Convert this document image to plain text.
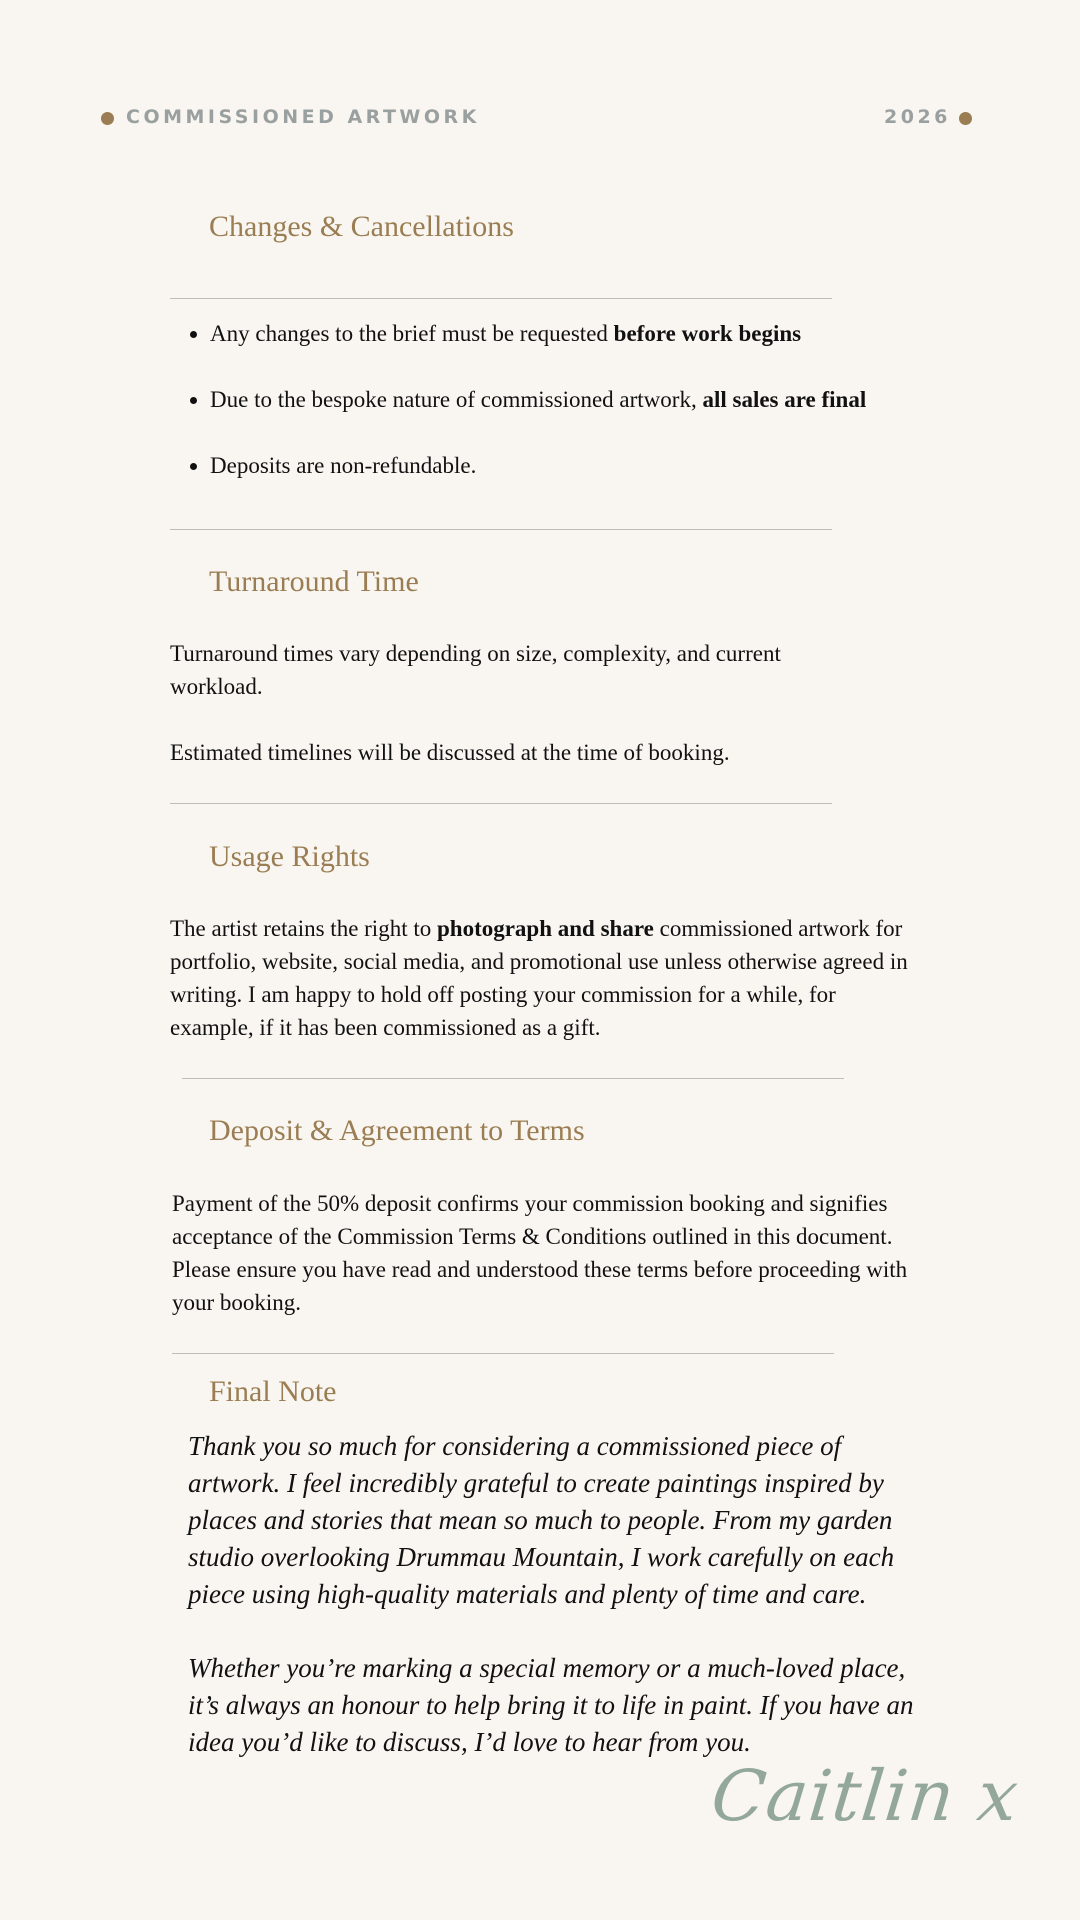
COMMISSIONED ARTWORK	2026
Changes & Cancellations
• Any changes to the brief must be requested before work begins
• Due to the bespoke nature of commissioned artwork, all sales are final
• Deposits are non-refundable.
Turnaround Time

Turnaround times vary depending on size, complexity, and current workload.

Estimated timelines will be discussed at the time of booking.

Usage Rights

The artist retains the right to photograph and share commissioned artwork for portfolio, website, social media, and promotional use unless otherwise agreed in writing. I am happy to hold off posting your commission for a while, for example, if it has been commissioned as a gift.

Deposit & Agreement to Terms

Payment of the 50% deposit confirms your commission booking and signifies acceptance of the Commission Terms & Conditions outlined in this document. Please ensure you have read and understood these terms before proceeding with your booking.

Final Note

Thank you so much for considering a commissioned piece of artwork. I feel incredibly grateful to create paintings inspired by places and stories that mean so much to people. From my garden studio overlooking Drummau Mountain, I work carefully on each piece using high-quality materials and plenty of time and care.

Whether you’re marking a special memory or a much-loved place, it’s always an honour to help bring it to life in paint. If you have an idea you’d like to discuss, I’d love to hear from you.

Caitlin x
